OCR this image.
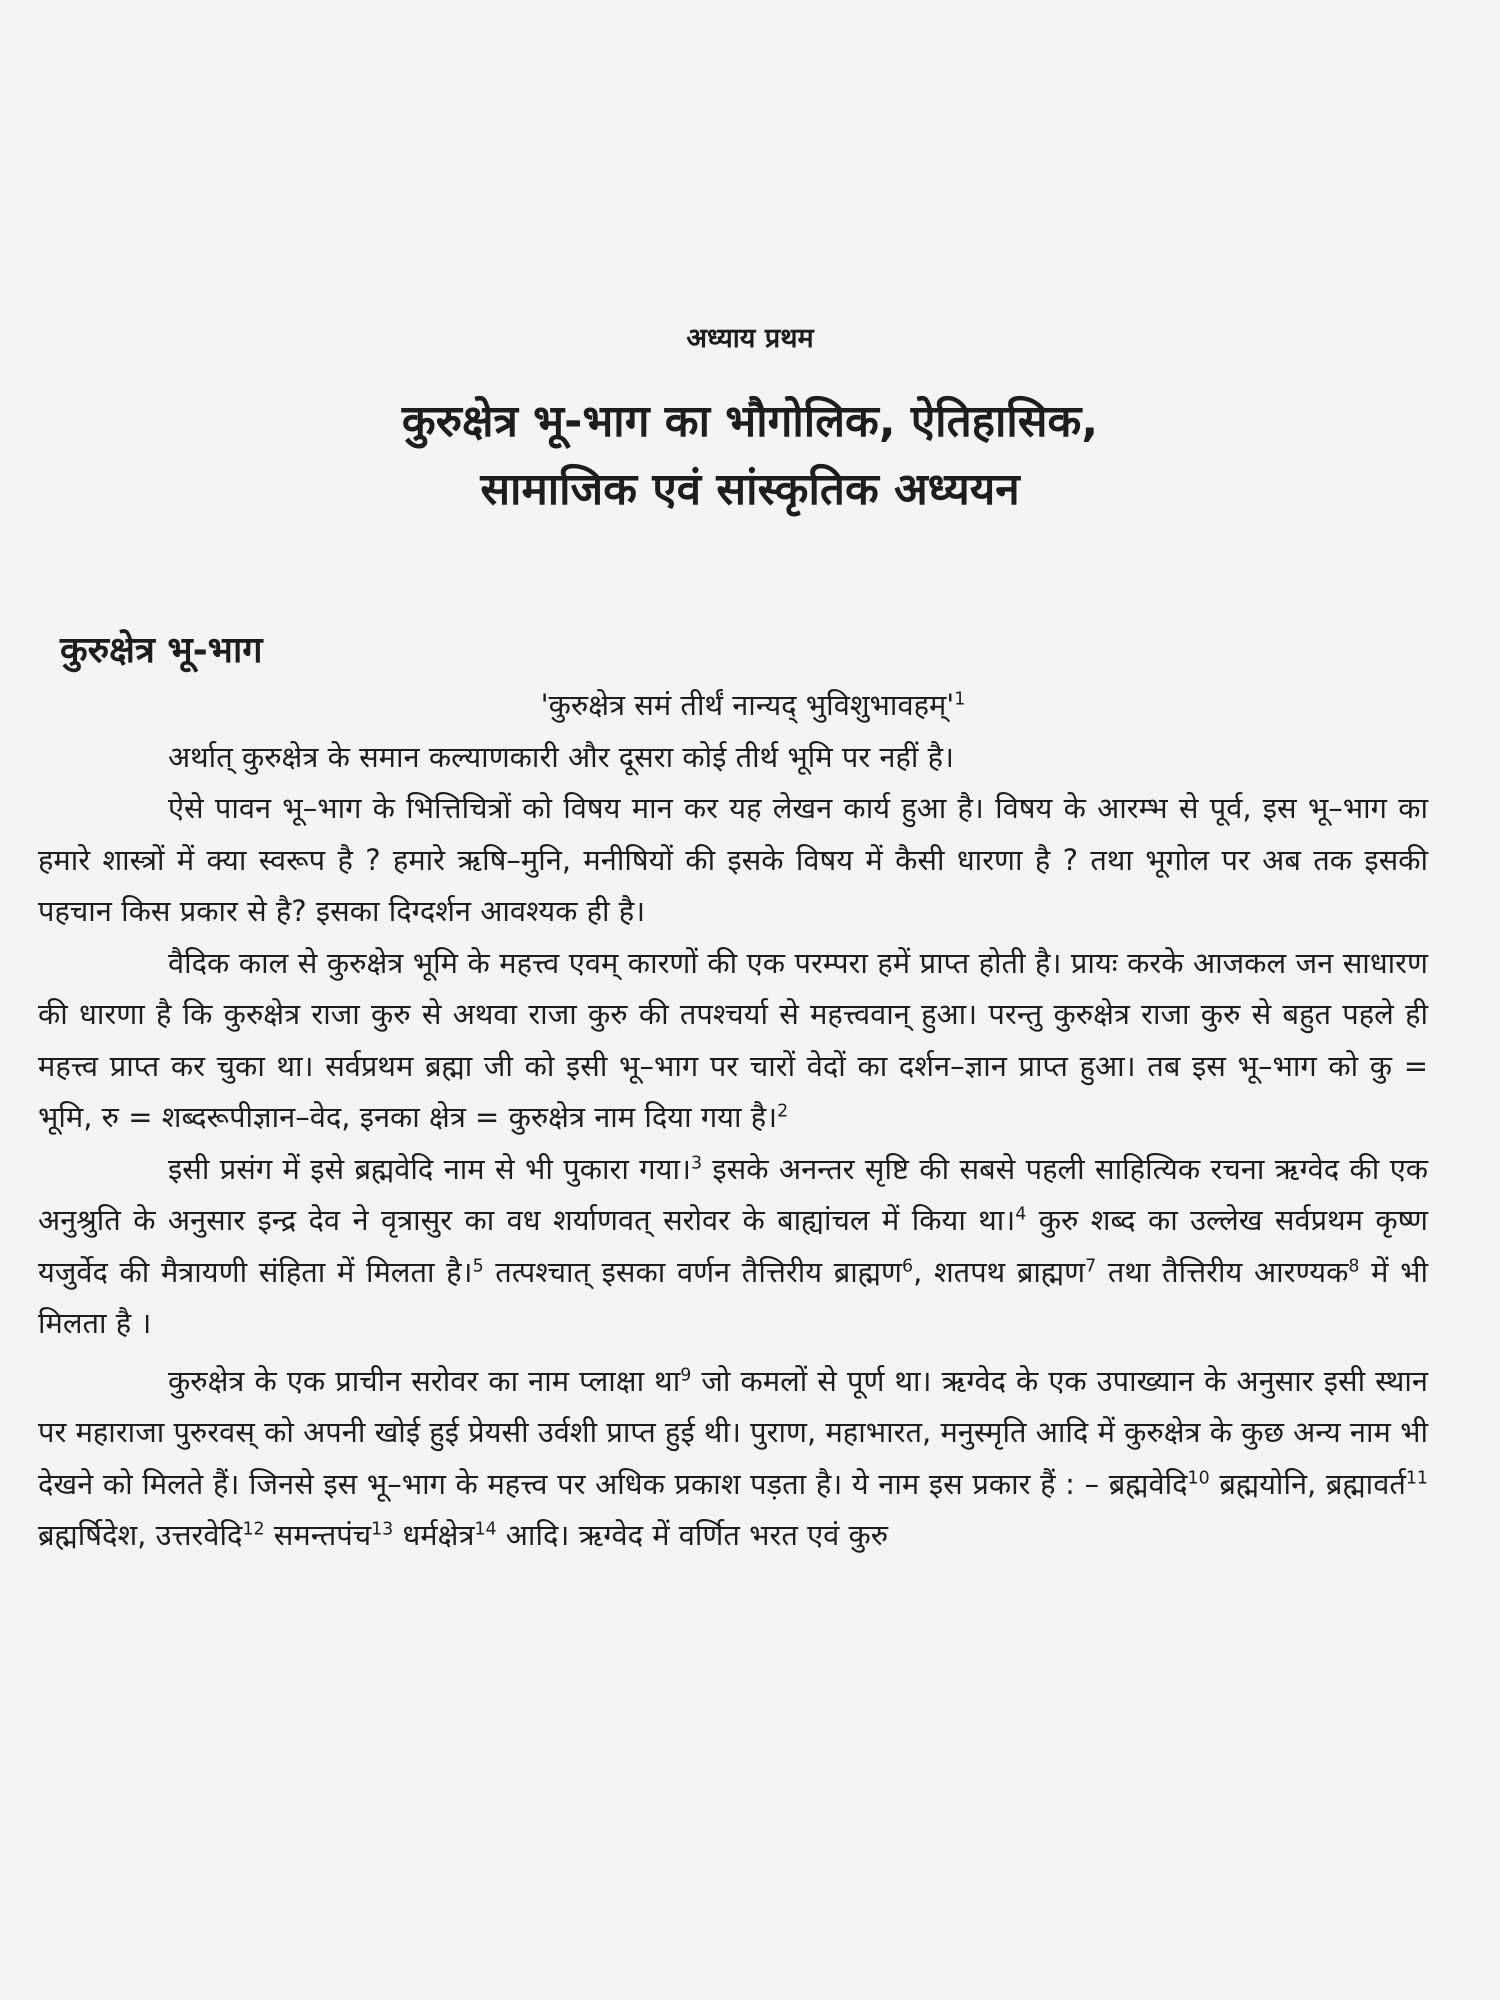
अध्याय प्रथम
कुरुक्षेत्र भू-भाग का भौगोलिक, ऐतिहासिक,
सामाजिक एवं सांस्कृतिक अध्ययन
कुरुक्षेत्र भू-भाग
'कुरुक्षेत्र समं तीर्थं नान्यद् $भुविशुभावहम्'^1$

अर्थात् कुरुक्षेत्र के समान कल्याणकारी और दूसरा कोई तीर्थ भूमि पर नहीं है।

ऐसे पावन भू–भाग के भित्तिचित्रों को विषय मान कर यह लेखन कार्य हुआ है। विषय के आरम्भ से पूर्व, इस भू–भाग का हमारे शास्त्रों में क्या स्वरूप है ? हमारे ऋषि–मुनि, मनीषियों की इसके विषय में कैसी धारणा है ? तथा भूगोल पर अब तक इसकी पहचान किस प्रकार से है? इसका दिग्दर्शन आवश्यक ही है।

वैदिक काल से कुरुक्षेत्र भूमि के महत्त्व एवम् कारणों की एक परम्परा हमें प्राप्त होती है। प्रायः करके आजकल जन साधारण की धारणा है कि कुरुक्षेत्र राजा कुरु से अथवा राजा कुरु की तपश्चर्या से महत्त्ववान् हुआ। परन्तु कुरुक्षेत्र राजा कुरु से बहुत पहले ही महत्त्व प्राप्त कर चुका था। सर्वप्रथम ब्रह्मा जी को इसी भू–भाग पर चारों वेदों का दर्शन–ज्ञान प्राप्त हुआ। तब इस भू–भाग को कु = भूमि, रु = शब्दरूपीज्ञान–वेद, इनका क्षेत्र = कुरुक्षेत्र नाम दिया गया है।$^2$

इसी प्रसंग में इसे ब्रह्मवेदि नाम से भी पुकारा गया।$^3$ इसके अनन्तर सृष्टि की सबसे पहली साहित्यिक रचना ऋग्वेद की एक अनुश्रुति के अनुसार इन्द्र देव ने वृत्रासुर का वध शर्याणवत् सरोवर के बाह्यांचल में किया था।$^4$ कुरु शब्द का उल्लेख सर्वप्रथम कृष्ण यजुर्वेद की मैत्रायणी संहिता में मिलता है।$^5$ तत्पश्चात् इसका वर्णन तैत्तिरीय ब्राह्मण$^6$, शतपथ ब्राह्मण$^7$ तथा तैत्तिरीय आरण्यक$^8$ में भी मिलता है ।

कुरुक्षेत्र के एक प्राचीन सरोवर का नाम प्लाक्षा था$^9$ जो कमलों से पूर्ण था। ऋग्वेद के एक उपाख्यान के अनुसार इसी स्थान पर महाराजा पुरुरवस् को अपनी खोई हुई प्रेयसी उर्वशी प्राप्त हुई थी। पुराण, महाभारत, मनुस्मृति आदि में कुरुक्षेत्र के कुछ अन्य नाम भी देखने को मिलते हैं। जिनसे इस भू–भाग के महत्त्व पर अधिक प्रकाश पड़ता है। ये नाम इस प्रकार हैं : – ब्रह्मवेदि$^{10}$ ब्रह्मयोनि, ब्रह्मावर्त$^{11}$ ब्रह्मर्षिदेश, उत्तरवेदि$^{12}$ समन्तपंच$^{13}$ धर्मक्षेत्र$^{14}$ आदि। ऋग्वेद में वर्णित भरत एवं कुरु
